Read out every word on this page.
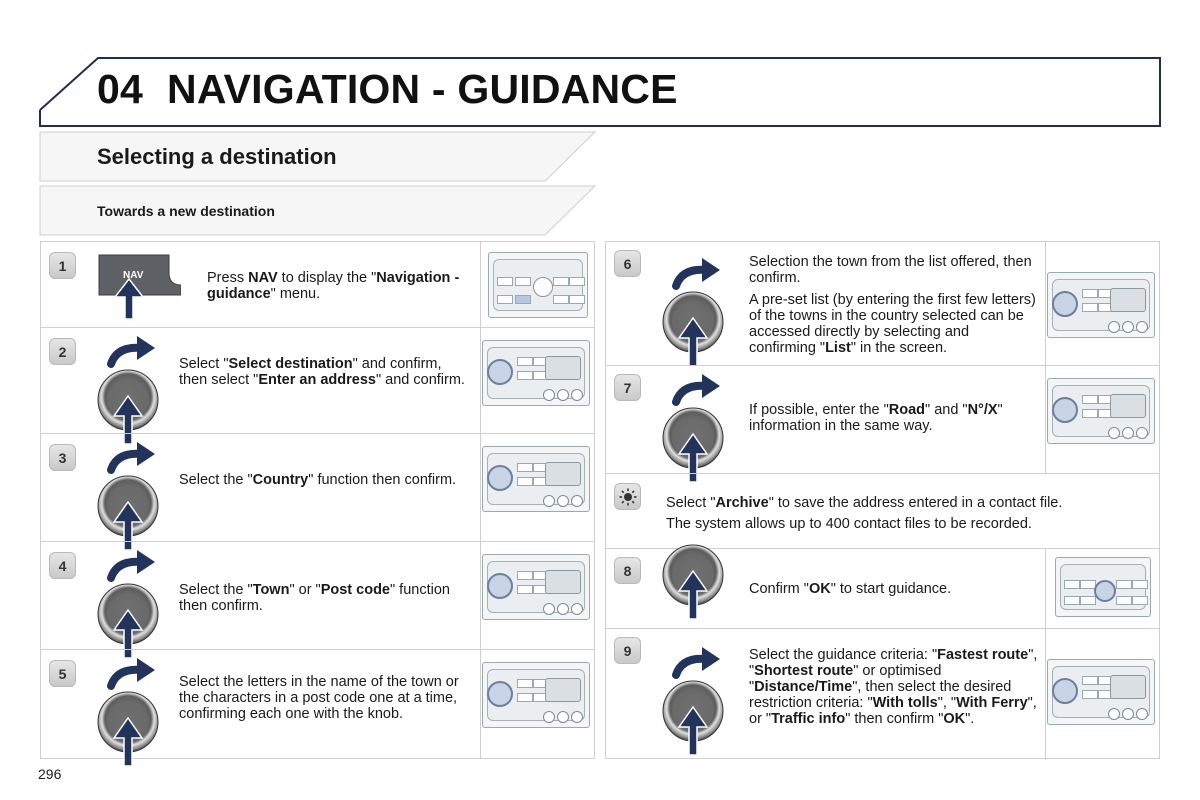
04 NAVIGATION - GUIDANCE
Selecting a destination
Towards a new destination
1
NAV	Press NAV to display the "Navigation - guidance" menu.

2

Select "Select destination" and confirm, then select "Enter an address" and confirm.

3

Select the "Country" function then confirm.

4

Select the "Town" or "Post code" function then confirm.

5

Select the letters in the name of the town or the characters in a post code one at a time, confirming each one with the knob.

6	Selection the town from the list offered, then confirm.

A pre-set list (by entering the first few letters) of the towns in the country selected can be accessed directly by selecting and confirming "List" in the screen.

7

If possible, enter the "Road" and "N°/X" information in the same way.

Select "Archive" to save the address entered in a contact file.

The system allows up to 400 contact files to be recorded.

8

Confirm "OK" to start guidance.

9	Select the guidance criteria: "Fastest route", "Shortest route" or optimised "Distance/Time", then select the desired restriction criteria: "With tolls", "With Ferry", or "Traffic info" then confirm "OK".

296
